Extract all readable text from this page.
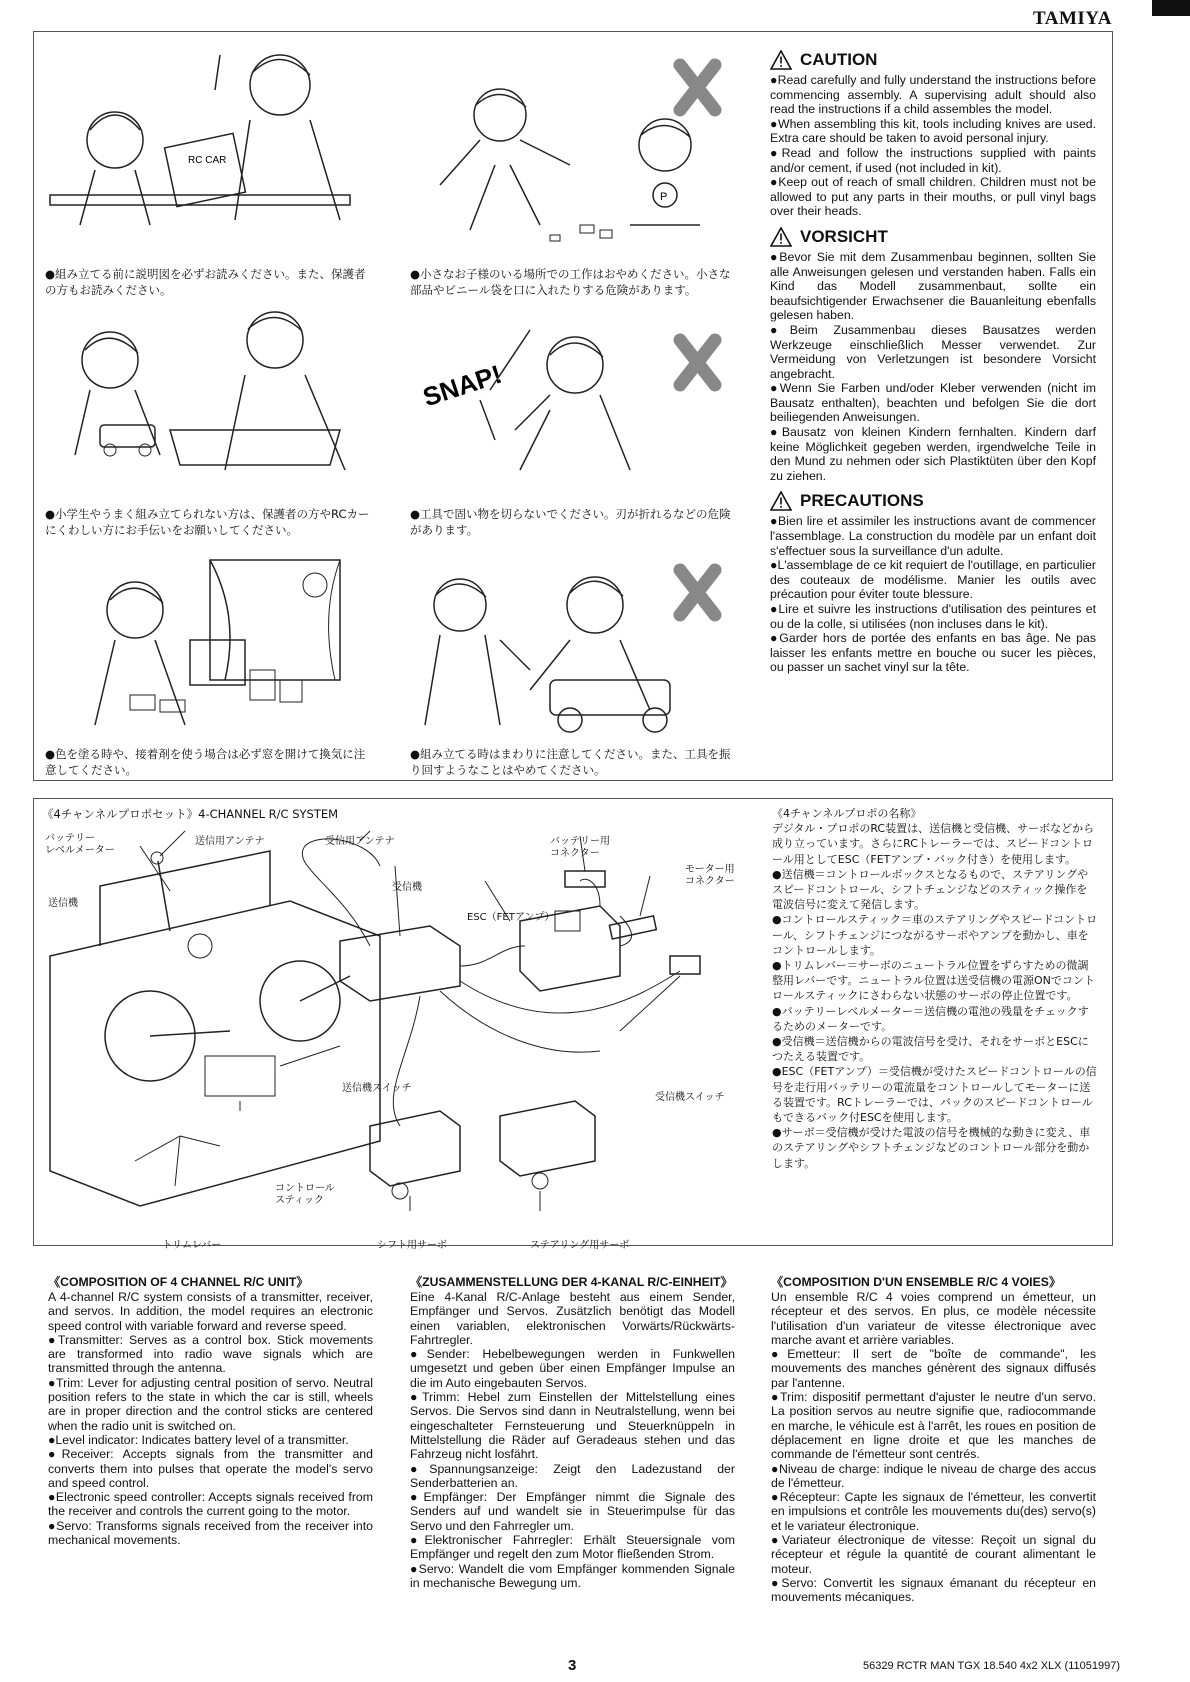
TAMIYA
RC CAR
P
SNAP!
●組み立てる前に説明図を必ずお読みください。また、保護者の方もお読みください。
●小さなお子様のいる場所での工作はおやめください。小さな部品やビニール袋を口に入れたりする危険があります。
●小学生やうまく組み立てられない方は、保護者の方やRCカーにくわしい方にお手伝いをお願いしてください。
●工具で固い物を切らないでください。刃が折れるなどの危険があります。
●色を塗る時や、接着剤を使う場合は必ず窓を開けて換気に注意してください。
●組み立てる時はまわりに注意してください。また、工具を振り回すようなことはやめてください。
CAUTION

●Read carefully and fully understand the instructions before commencing assembly. A supervising adult should also read the instructions if a child assembles the model.

●When assembling this kit, tools including knives are used. Extra care should be taken to avoid personal injury.

●Read and follow the instructions supplied with paints and/or cement, if used (not included in kit).

●Keep out of reach of small children. Children must not be allowed to put any parts in their mouths, or pull vinyl bags over their heads.

VORSICHT

●Bevor Sie mit dem Zusammenbau beginnen, sollten Sie alle Anweisungen gelesen und verstanden haben. Falls ein Kind das Modell zusammenbaut, sollte ein beaufsichtigender Erwachsener die Bauanleitung ebenfalls gelesen haben.

●Beim Zusammenbau dieses Bausatzes werden Werkzeuge einschließlich Messer verwendet. Zur Vermeidung von Verletzungen ist besondere Vorsicht angebracht.

●Wenn Sie Farben und/oder Kleber verwenden (nicht im Bausatz enthalten), beachten und befolgen Sie die dort beiliegenden Anweisungen.

●Bausatz von kleinen Kindern fernhalten. Kindern darf keine Möglichkeit gegeben werden, irgendwelche Teile in den Mund zu nehmen oder sich Plastiktüten über den Kopf zu ziehen.

PRECAUTIONS

●Bien lire et assimiler les instructions avant de commencer l'assemblage. La construction du modèle par un enfant doit s'effectuer sous la surveillance d'un adulte.

●L'assemblage de ce kit requiert de l'outillage, en particulier des couteaux de modélisme. Manier les outils avec précaution pour éviter toute blessure.

●Lire et suivre les instructions d'utilisation des peintures et ou de la colle, si utilisées (non incluses dans le kit).

●Garder hors de portée des enfants en bas âge. Ne pas laisser les enfants mettre en bouche ou sucer les pièces, ou passer un sachet vinyl sur la tête.

《4チャンネルプロポセット》4-CHANNEL R/C SYSTEM
バッテリー
レベルメーター
送信用アンテナ
送信機
受信用アンテナ
受信機
バッテリー用
コネクター
モーター用
コネクター
ESC（FETアンプ）
送信機スイッチ
受信機スイッチ
コントロール
スティック
トリムレバー	シフト用サーボ	ステアリング用サーボ

《4チャンネルプロポの名称》

デジタル・プロポのRC装置は、送信機と受信機、サーボなどから成り立っています。さらにRCトレーラーでは、スピードコントロール用としてESC（FETアンプ・バック付き）を使用します。

●送信機＝コントロールボックスとなるもので、ステアリングやスピードコントロール、シフトチェンジなどのスティック操作を電波信号に変えて発信します。

●コントロールスティック＝車のステアリングやスピードコントロール、シフトチェンジにつながるサーボやアンプを動かし、車をコントロールします。

●トリムレバー＝サーボのニュートラル位置をずらすための微調整用レバーです。ニュートラル位置は送受信機の電源ONでコントロールスティックにさわらない状態のサーボの停止位置です。

●バッテリーレベルメーター＝送信機の電池の残量をチェックするためのメーターです。

●受信機＝送信機からの電波信号を受け、それをサーボとESCにつたえる装置です。

●ESC（FETアンプ）＝受信機が受けたスピードコントロールの信号を走行用バッテリーの電流量をコントロールしてモーターに送る装置です。RCトレーラーでは、バックのスピードコントロールもできるバック付ESCを使用します。

●サーボ＝受信機が受けた電波の信号を機械的な動きに変え、車のステアリングやシフトチェンジなどのコントロール部分を動かします。

《COMPOSITION OF 4 CHANNEL R/C UNIT》

A 4-channel R/C system consists of a transmitter, receiver, and servos. In addition, the model requires an electronic speed control with variable forward and reverse speed.

●Transmitter: Serves as a control box. Stick movements are transformed into radio wave signals which are transmitted through the antenna.

●Trim: Lever for adjusting central position of servo. Neutral position refers to the state in which the car is still, wheels are in proper direction and the control sticks are centered when the radio unit is switched on.

●Level indicator: Indicates battery level of a transmitter.

●Receiver: Accepts signals from the transmitter and converts them into pulses that operate the model's servo and speed control.

●Electronic speed controller: Accepts signals received from the receiver and controls the current going to the motor.

●Servo: Transforms signals received from the receiver into mechanical movements.

《ZUSAMMENSTELLUNG DER 4-KANAL R/C-EINHEIT》

Eine 4-Kanal R/C-Anlage besteht aus einem Sender, Empfänger und Servos. Zusätzlich benötigt das Modell einen variablen, elektronischen Vorwärts/Rückwärts-Fahrtregler.

●Sender: Hebelbewegungen werden in Funkwellen umgesetzt und geben über einen Empfänger Impulse an die im Auto eingebauten Servos.

●Trimm: Hebel zum Einstellen der Mittelstellung eines Servos. Die Servos sind dann in Neutralstellung, wenn bei eingeschalteter Fernsteuerung und Steuerknüppeln in Mittelstellung die Räder auf Geradeaus stehen und das Fahrzeug nicht losfährt.

●Spannungsanzeige: Zeigt den Ladezustand der Senderbatterien an.

●Empfänger: Der Empfänger nimmt die Signale des Senders auf und wandelt sie in Steuerimpulse für das Servo und den Fahrregler um.

●Elektronischer Fahrregler: Erhält Steuersignale vom Empfänger und regelt den zum Motor fließenden Strom.

●Servo: Wandelt die vom Empfänger kommenden Signale in mechanische Bewegung um.

《COMPOSITION D'UN ENSEMBLE R/C 4 VOIES》

Un ensemble R/C 4 voies comprend un émetteur, un récepteur et des servos. En plus, ce modèle nécessite l'utilisation d'un variateur de vitesse électronique avec marche avant et arrière variables.

●Emetteur: Il sert de "boîte de commande", les mouvements des manches génèrent des signaux diffusés par l'antenne.

●Trim: dispositif permettant d'ajuster le neutre d'un servo. La position servos au neutre signifie que, radiocommande en marche, le véhicule est à l'arrêt, les roues en position de déplacement en ligne droite et que les manches de commande de l'émetteur sont centrés.

●Niveau de charge: indique le niveau de charge des accus de l'émetteur.

●Récepteur: Capte les signaux de l'émetteur, les convertit en impulsions et contrôle les mouvements du(des) servo(s) et le variateur électronique.

●Variateur électronique de vitesse: Reçoit un signal du récepteur et régule la quantité de courant alimentant le moteur.

●Servo: Convertit les signaux émanant du récepteur en mouvements mécaniques.

3	56329 RCTR MAN TGX 18.540 4x2 XLX (11051997)
